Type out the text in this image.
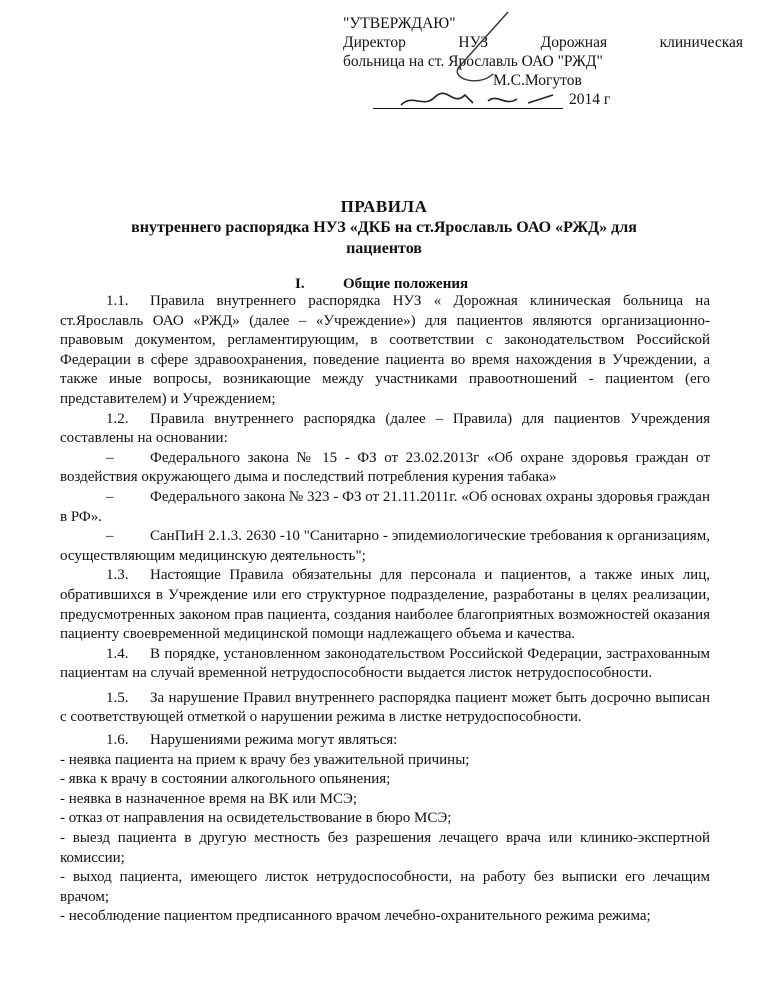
"УТВЕРЖДАЮ"
Директор НУЗ Дорожная клиническая
больница на ст. Ярославль ОАО "РЖД"
М.С.Могутов
2014 г
ПРАВИЛА
внутреннего распорядка НУЗ «ДКБ на ст.Ярославль ОАО «РЖД» для
пациентов
I.	Общие положения

1.1. Правила внутреннего распорядка НУЗ « Дорожная клиническая больница на ст.Ярославль ОАО «РЖД» (далее – «Учреждение») для пациентов являются организационно-правовым документом, регламентирующим, в соответствии с законодательством Российской Федерации в сфере здравоохранения, поведение пациента во время нахождения в Учреждении, а также иные вопросы, возникающие между участниками правоотношений - пациентом (его представителем) и Учреждением;

1.2. Правила внутреннего распорядка (далее – Правила) для пациентов Учреждения составлены на основании:

– Федерального закона № 15 - ФЗ от 23.02.2013г «Об охране здоровья граждан от воздействия окружающего дыма и последствий потребления курения табака»

– Федерального закона № 323 - ФЗ от 21.11.2011г. «Об основах охраны здоровья граждан в РФ».

– СанПиН 2.1.3. 2630 -10 "Санитарно - эпидемиологические требования к организациям, осуществляющим медицинскую деятельность";

1.3. Настоящие Правила обязательны для персонала и пациентов, а также иных лиц, обратившихся в Учреждение или его структурное подразделение, разработаны в целях реализации, предусмотренных законом прав пациента, создания наиболее благоприятных возможностей оказания пациенту своевременной медицинской помощи надлежащего объема и качества.

1.4. В порядке, установленном законодательством Российской Федерации, застрахованным пациентам на случай временной нетрудоспособности выдается листок нетрудоспособности.

1.5. За нарушение Правил внутреннего распорядка пациент может быть досрочно выписан с соответствующей отметкой о нарушении режима в листке нетрудоспособности.

1.6. Нарушениями режима могут являться:

- неявка пациента на прием к врачу без уважительной причины;

- явка к врачу в состоянии алкогольного опьянения;

- неявка в назначенное время на ВК или МСЭ;

- отказ от направления на освидетельствование в бюро МСЭ;

- выезд пациента в другую местность без разрешения лечащего врача или клинико-экспертной комиссии;

- выход пациента, имеющего листок нетрудоспособности, на работу без выписки его лечащим врачом;

- несоблюдение пациентом предписанного врачом лечебно-охранительного режима режима;
